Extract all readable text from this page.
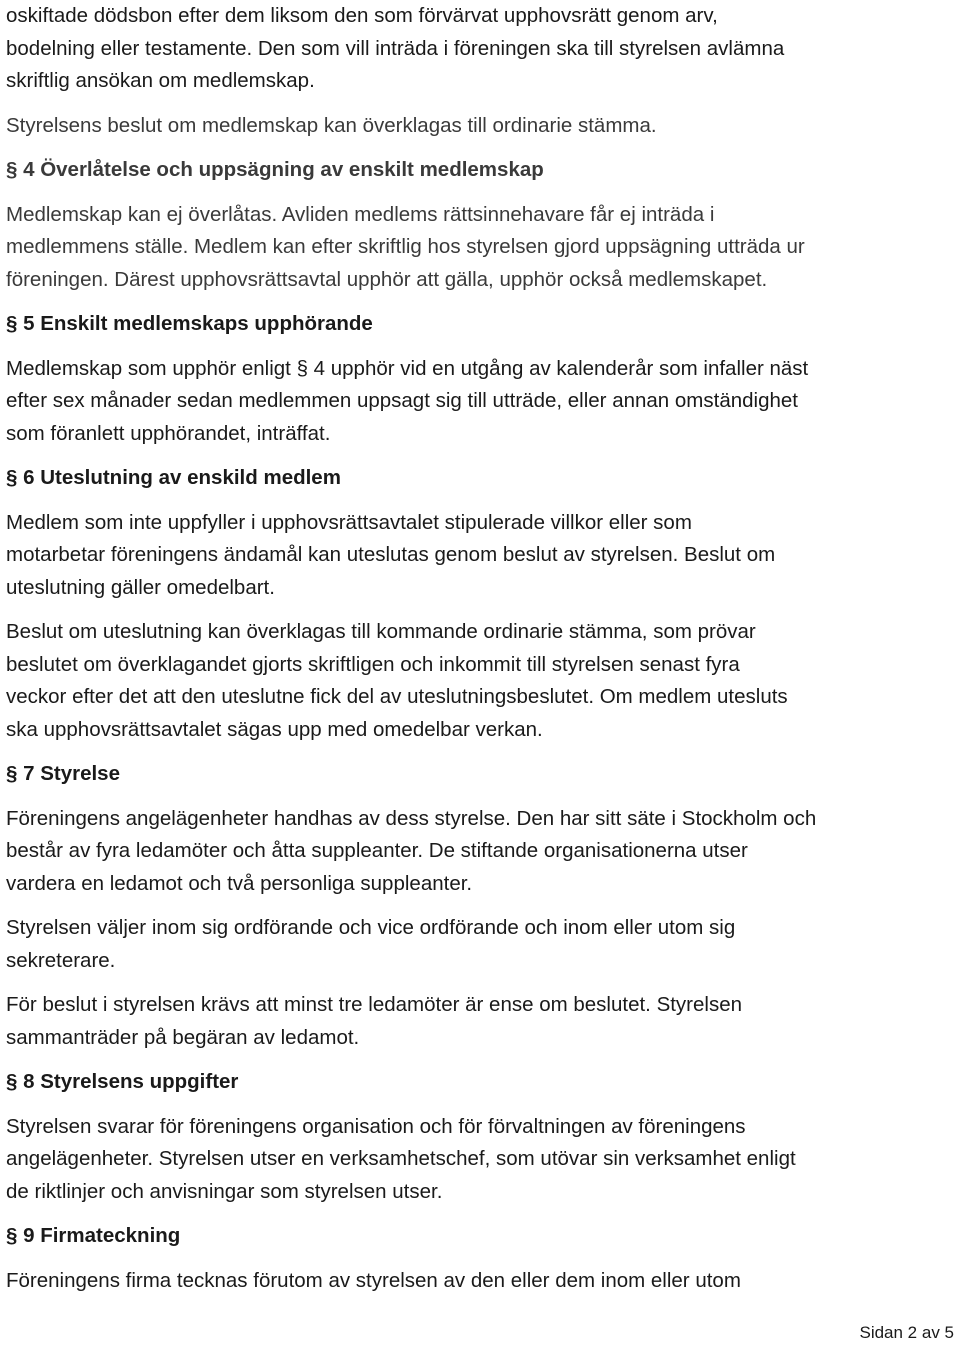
oskiftade dödsbon efter dem liksom den som förvärvat upphovsrätt genom arv,

bodelning eller testamente. Den som vill inträda i föreningen ska till styrelsen avlämna

skriftlig ansökan om medlemskap.

Styrelsens beslut om medlemskap kan överklagas till ordinarie stämma.

§ 4 Överlåtelse och uppsägning av enskilt medlemskap

Medlemskap kan ej överlåtas. Avliden medlems rättsinnehavare får ej inträda i

medlemmens ställe. Medlem kan efter skriftlig hos styrelsen gjord uppsägning utträda ur

föreningen. Därest upphovsrättsavtal upphör att gälla, upphör också medlemskapet.

§ 5 Enskilt medlemskaps upphörande

Medlemskap som upphör enligt § 4 upphör vid en utgång av kalenderår som infaller näst

efter sex månader sedan medlemmen uppsagt sig till utträde, eller annan omständighet

som föranlett upphörandet, inträffat.

§ 6 Uteslutning av enskild medlem

Medlem som inte uppfyller i upphovsrättsavtalet stipulerade villkor eller som

motarbetar föreningens ändamål kan uteslutas genom beslut av styrelsen. Beslut om

uteslutning gäller omedelbart.

Beslut om uteslutning kan överklagas till kommande ordinarie stämma, som prövar

beslutet om överklagandet gjorts skriftligen och inkommit till styrelsen senast fyra

veckor efter det att den uteslutne fick del av uteslutningsbeslutet. Om medlem utesluts

ska upphovsrättsavtalet sägas upp med omedelbar verkan.

§ 7 Styrelse

Föreningens angelägenheter handhas av dess styrelse. Den har sitt säte i Stockholm och

består av fyra ledamöter och åtta suppleanter. De stiftande organisationerna utser

vardera en ledamot och två personliga suppleanter.

Styrelsen väljer inom sig ordförande och vice ordförande och inom eller utom sig

sekreterare.

För beslut i styrelsen krävs att minst tre ledamöter är ense om beslutet. Styrelsen

sammanträder på begäran av ledamot.

§ 8 Styrelsens uppgifter

Styrelsen svarar för föreningens organisation och för förvaltningen av föreningens

angelägenheter. Styrelsen utser en verksamhetschef, som utövar sin verksamhet enligt

de riktlinjer och anvisningar som styrelsen utser.

§ 9 Firmateckning

Föreningens firma tecknas förutom av styrelsen av den eller dem inom eller utom

Sidan 2 av 5
